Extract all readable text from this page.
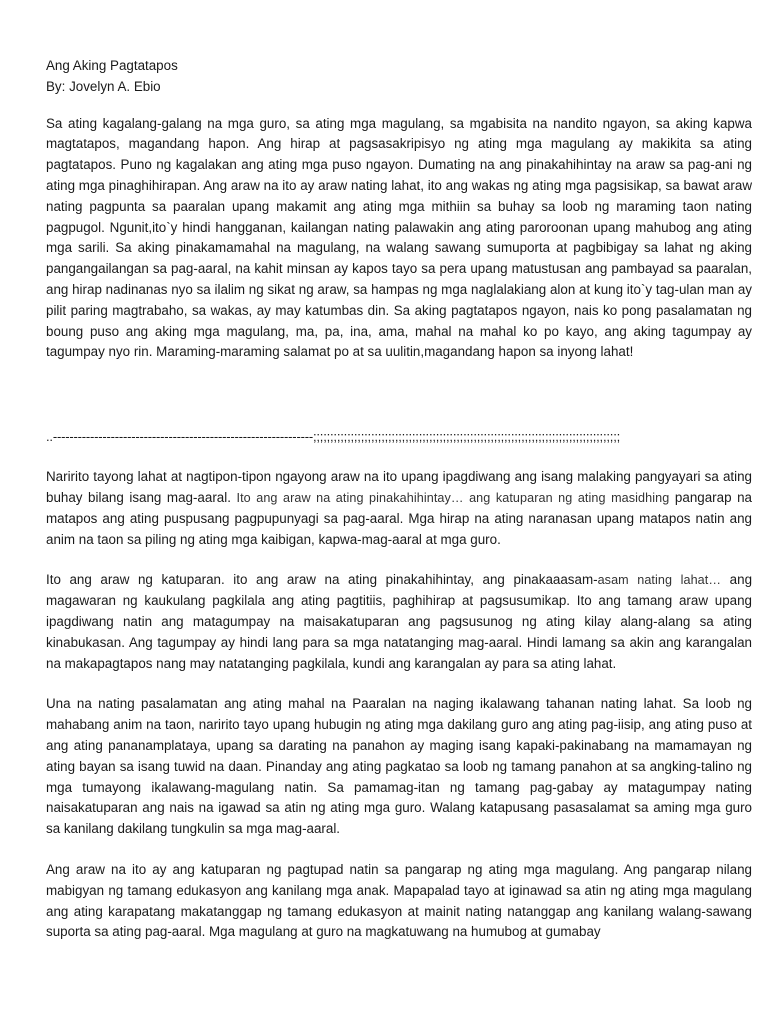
Ang Aking Pagtatapos

By: Jovelyn A. Ebio

Sa ating kagalang-galang na mga guro, sa ating mga magulang, sa mgabisita na nandito ngayon, sa aking kapwa magtatapos, magandang hapon. Ang hirap at pagsasakripisyo ng ating mga magulang ay makikita sa ating pagtatapos. Puno ng kagalakan ang ating mga puso ngayon. Dumating na ang pinakahihintay na araw sa pag-ani ng ating mga pinaghihirapan. Ang araw na ito ay araw nating lahat, ito ang wakas ng ating mga pagsisikap, sa bawat araw nating pagpunta sa paaralan upang makamit ang ating mga mithiin sa buhay sa loob ng maraming taon nating pagpugol. Ngunit,ito`y hindi hangganan, kailangan nating palawakin ang ating paroroonan upang mahubog ang ating mga sarili. Sa aking pinakamamahal na magulang, na walang sawang sumuporta at pagbibigay sa lahat ng aking pangangailangan sa pag-aaral, na kahit minsan ay kapos tayo sa pera upang matustusan ang pambayad sa paaralan, ang hirap nadinanas nyo sa ilalim ng sikat ng araw, sa hampas ng mga naglalakiang alon at kung ito`y tag-ulan man ay pilit paring magtrabaho, sa wakas, ay may katumbas din. Sa aking pagtatapos ngayon, nais ko pong pasalamatan ng boung puso ang aking mga magulang, ma, pa, ina, ama, mahal na mahal ko po kayo, ang aking tagumpay ay tagumpay nyo rin. Maraming-maraming salamat po at sa uulitin,magandang hapon sa inyong lahat!

..---------------------------------------------------------------;;;;;;;;;;;;;;;;;;;;;;;;;;;;;;;;;;;;;;;;;;;;;;;;;;;;;;;;;;;;;;;;;;;;;;;;;;;;;;;;;;;;;;;;;;

Naririto tayong lahat at nagtipon-tipon ngayong araw na ito upang ipagdiwang ang isang malaking pangyayari sa ating buhay bilang isang mag-aaral. Ito ang araw na ating pinakahihintay… ang katuparan ng ating masidhing pangarap na matapos ang ating puspusang pagpupunyagi sa pag-aaral. Mga hirap na ating naranasan upang matapos natin ang anim na taon sa piling ng ating mga kaibigan, kapwa-mag-aaral at mga guro.

Ito ang araw ng katuparan. ito ang araw na ating pinakahihintay, ang pinakaaasam-asam nating lahat… ang magawaran ng kaukulang pagkilala ang ating pagtitiis, paghihirap at pagsusumikap. Ito ang tamang araw upang ipagdiwang natin ang matagumpay na maisakatuparan ang pagsusunog ng ating kilay alang-alang sa ating kinabukasan. Ang tagumpay ay hindi lang para sa mga natatanging mag-aaral. Hindi lamang sa akin ang karangalan na makapagtapos nang may natatanging pagkilala, kundi ang karangalan ay para sa ating lahat.

Una na nating pasalamatan ang ating mahal na Paaralan na naging ikalawang tahanan nating lahat. Sa loob ng mahabang anim na taon, naririto tayo upang hubugin ng ating mga dakilang guro ang ating pag-iisip, ang ating puso at ang ating pananamplataya, upang sa darating na panahon ay maging isang kapaki-pakinabang na mamamayan ng ating bayan sa isang tuwid na daan. Pinanday ang ating pagkatao sa loob ng tamang panahon at sa angking-talino ng mga tumayong ikalawang-magulang natin. Sa pamamag-itan ng tamang pag-gabay ay matagumpay nating naisakatuparan ang nais na igawad sa atin ng ating mga guro. Walang katapusang pasasalamat sa aming mga guro sa kanilang dakilang tungkulin sa mga mag-aaral.

Ang araw na ito ay ang katuparan ng pagtupad natin sa pangarap ng ating mga magulang. Ang pangarap nilang mabigyan ng tamang edukasyon ang kanilang mga anak. Mapapalad tayo at iginawad sa atin ng ating mga magulang ang ating karapatang makatanggap ng tamang edukasyon at mainit nating natanggap ang kanilang walang-sawang suporta sa ating pag-aaral. Mga magulang at guro na magkatuwang na humubog at gumabay
